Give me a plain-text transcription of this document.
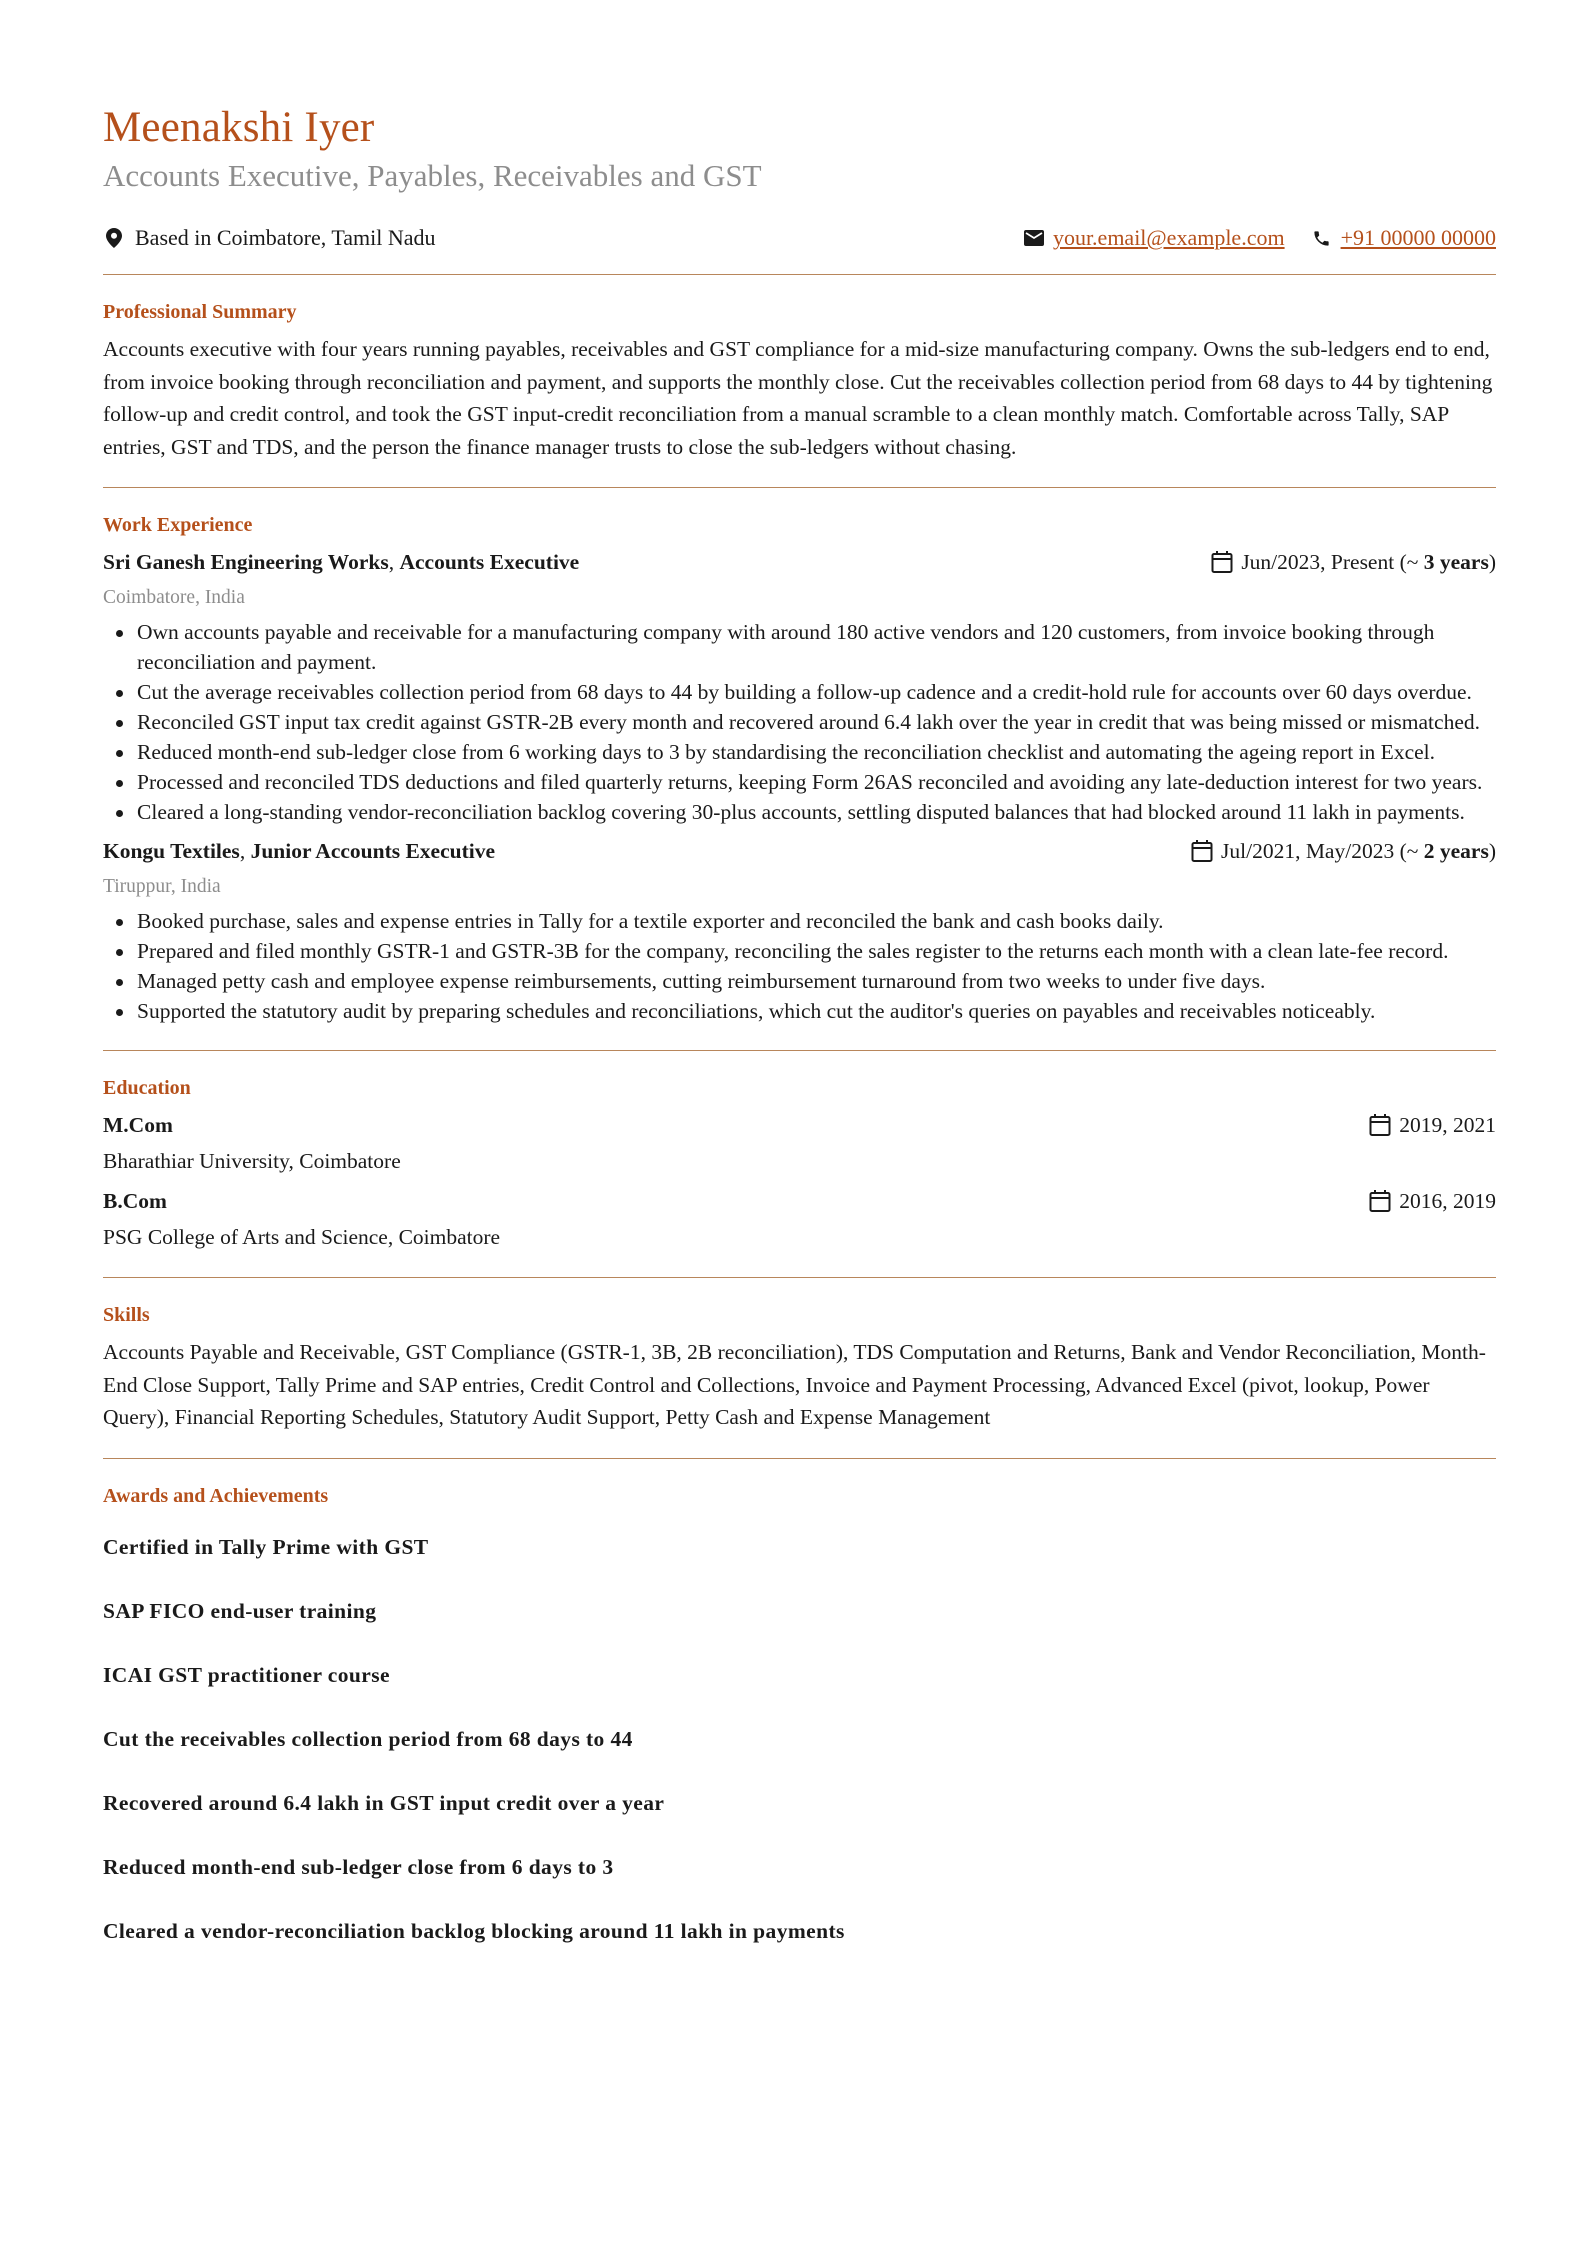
Meenakshi Iyer
Accounts Executive, Payables, Receivables and GST
Based in Coimbatore, Tamil Nadu	your.email@example.com	+91 00000 00000
Professional Summary

Accounts executive with four years running payables, receivables and GST compliance for a mid-size manufacturing company. Owns the sub-ledgers end to end, from invoice booking through reconciliation and payment, and supports the monthly close. Cut the receivables collection period from 68 days to 44 by tightening follow-up and credit control, and took the GST input-credit reconciliation from a manual scramble to a clean monthly match. Comfortable across Tally, SAP entries, GST and TDS, and the person the finance manager trusts to close the sub-ledgers without chasing.

Work Experience
Sri Ganesh Engineering Works, Accounts Executive	Jun/2023, Present (~ 3 years)
Coimbatore, India
Own accounts payable and receivable for a manufacturing company with around 180 active vendors and 120 customers, from invoice booking through reconciliation and payment.
Cut the average receivables collection period from 68 days to 44 by building a follow-up cadence and a credit-hold rule for accounts over 60 days overdue.
Reconciled GST input tax credit against GSTR-2B every month and recovered around 6.4 lakh over the year in credit that was being missed or mismatched.
Reduced month-end sub-ledger close from 6 working days to 3 by standardising the reconciliation checklist and automating the ageing report in Excel.
Processed and reconciled TDS deductions and filed quarterly returns, keeping Form 26AS reconciled and avoiding any late-deduction interest for two years.
Cleared a long-standing vendor-reconciliation backlog covering 30-plus accounts, settling disputed balances that had blocked around 11 lakh in payments.
Kongu Textiles, Junior Accounts Executive	Jul/2021, May/2023 (~ 2 years)
Tiruppur, India
Booked purchase, sales and expense entries in Tally for a textile exporter and reconciled the bank and cash books daily.
Prepared and filed monthly GSTR-1 and GSTR-3B for the company, reconciling the sales register to the returns each month with a clean late-fee record.
Managed petty cash and employee expense reimbursements, cutting reimbursement turnaround from two weeks to under five days.
Supported the statutory audit by preparing schedules and reconciliations, which cut the auditor's queries on payables and receivables noticeably.
Education
M.Com	2019, 2021
Bharathiar University, Coimbatore
B.Com	2016, 2019
PSG College of Arts and Science, Coimbatore
Skills

Accounts Payable and Receivable, GST Compliance (GSTR-1, 3B, 2B reconciliation), TDS Computation and Returns, Bank and Vendor Reconciliation, Month-End Close Support, Tally Prime and SAP entries, Credit Control and Collections, Invoice and Payment Processing, Advanced Excel (pivot, lookup, Power Query), Financial Reporting Schedules, Statutory Audit Support, Petty Cash and Expense Management

Awards and Achievements
Certified in Tally Prime with GST
SAP FICO end-user training
ICAI GST practitioner course
Cut the receivables collection period from 68 days to 44
Recovered around 6.4 lakh in GST input credit over a year
Reduced month-end sub-ledger close from 6 days to 3
Cleared a vendor-reconciliation backlog blocking around 11 lakh in payments
